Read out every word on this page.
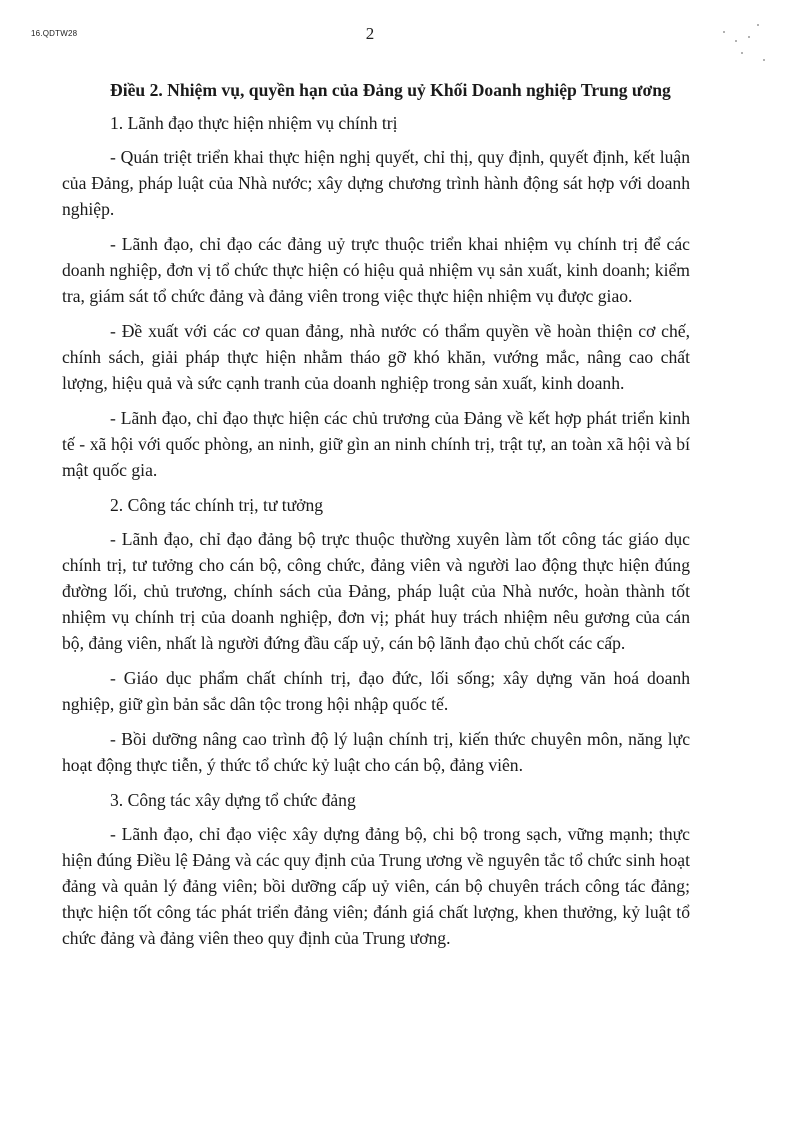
16.QDTW28	2

Điều 2. Nhiệm vụ, quyền hạn của Đảng uỷ Khối Doanh nghiệp Trung ương

1. Lãnh đạo thực hiện nhiệm vụ chính trị

- Quán triệt triển khai thực hiện nghị quyết, chỉ thị, quy định, quyết định, kết luận của Đảng, pháp luật của Nhà nước; xây dựng chương trình hành động sát hợp với doanh nghiệp.

- Lãnh đạo, chỉ đạo các đảng uỷ trực thuộc triển khai nhiệm vụ chính trị để các doanh nghiệp, đơn vị tổ chức thực hiện có hiệu quả nhiệm vụ sản xuất, kinh doanh; kiểm tra, giám sát tổ chức đảng và đảng viên trong việc thực hiện nhiệm vụ được giao.

- Đề xuất với các cơ quan đảng, nhà nước có thẩm quyền về hoàn thiện cơ chế, chính sách, giải pháp thực hiện nhằm tháo gỡ khó khăn, vướng mắc, nâng cao chất lượng, hiệu quả và sức cạnh tranh của doanh nghiệp trong sản xuất, kinh doanh.

- Lãnh đạo, chỉ đạo thực hiện các chủ trương của Đảng về kết hợp phát triển kinh tế - xã hội với quốc phòng, an ninh, giữ gìn an ninh chính trị, trật tự, an toàn xã hội và bí mật quốc gia.

2. Công tác chính trị, tư tưởng

- Lãnh đạo, chỉ đạo đảng bộ trực thuộc thường xuyên làm tốt công tác giáo dục chính trị, tư tưởng cho cán bộ, công chức, đảng viên và người lao động thực hiện đúng đường lối, chủ trương, chính sách của Đảng, pháp luật của Nhà nước, hoàn thành tốt nhiệm vụ chính trị của doanh nghiệp, đơn vị; phát huy trách nhiệm nêu gương của cán bộ, đảng viên, nhất là người đứng đầu cấp uỷ, cán bộ lãnh đạo chủ chốt các cấp.

- Giáo dục phẩm chất chính trị, đạo đức, lối sống; xây dựng văn hoá doanh nghiệp, giữ gìn bản sắc dân tộc trong hội nhập quốc tế.

- Bồi dưỡng nâng cao trình độ lý luận chính trị, kiến thức chuyên môn, năng lực hoạt động thực tiễn, ý thức tổ chức kỷ luật cho cán bộ, đảng viên.

3. Công tác xây dựng tổ chức đảng

- Lãnh đạo, chỉ đạo việc xây dựng đảng bộ, chi bộ trong sạch, vững mạnh; thực hiện đúng Điều lệ Đảng và các quy định của Trung ương về nguyên tắc tổ chức sinh hoạt đảng và quản lý đảng viên; bồi dưỡng cấp uỷ viên, cán bộ chuyên trách công tác đảng; thực hiện tốt công tác phát triển đảng viên; đánh giá chất lượng, khen thưởng, kỷ luật tổ chức đảng và đảng viên theo quy định của Trung ương.
